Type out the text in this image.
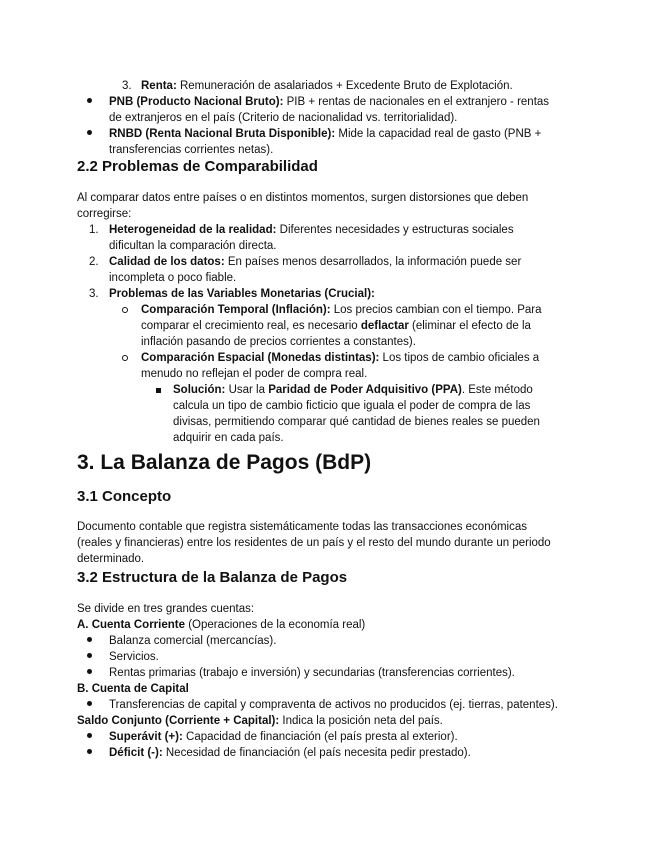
3. Renta: Remuneración de asalariados + Excedente Bruto de Explotación.
PNB (Producto Nacional Bruto): PIB + rentas de nacionales en el extranjero - rentas
de extranjeros en el país (Criterio de nacionalidad vs. territorialidad).
RNBD (Renta Nacional Bruta Disponible): Mide la capacidad real de gasto (PNB +
transferencias corrientes netas).
2.2 Problemas de Comparabilidad
Al comparar datos entre países o en distintos momentos, surgen distorsiones que deben
corregirse:
1. Heterogeneidad de la realidad: Diferentes necesidades y estructuras sociales
dificultan la comparación directa.
2. Calidad de los datos: En países menos desarrollados, la información puede ser
incompleta o poco fiable.
3. Problemas de las Variables Monetarias (Crucial):
Comparación Temporal (Inflación): Los precios cambian con el tiempo. Para
comparar el crecimiento real, es necesario deflactar (eliminar el efecto de la
inflación pasando de precios corrientes a constantes).
Comparación Espacial (Monedas distintas): Los tipos de cambio oficiales a
menudo no reflejan el poder de compra real.
Solución: Usar la Paridad de Poder Adquisitivo (PPA). Este método
calcula un tipo de cambio ficticio que iguala el poder de compra de las
divisas, permitiendo comparar qué cantidad de bienes reales se pueden
adquirir en cada país.
3. La Balanza de Pagos (BdP)
3.1 Concepto
Documento contable que registra sistemáticamente todas las transacciones económicas
(reales y financieras) entre los residentes de un país y el resto del mundo durante un periodo
determinado.
3.2 Estructura de la Balanza de Pagos
Se divide en tres grandes cuentas:
A. Cuenta Corriente (Operaciones de la economía real)
Balanza comercial (mercancías).
Servicios.
Rentas primarias (trabajo e inversión) y secundarias (transferencias corrientes).
B. Cuenta de Capital
Transferencias de capital y compraventa de activos no producidos (ej. tierras, patentes).
Saldo Conjunto (Corriente + Capital): Indica la posición neta del país.
Superávit (+): Capacidad de financiación (el país presta al exterior).
Déficit (-): Necesidad de financiación (el país necesita pedir prestado).
